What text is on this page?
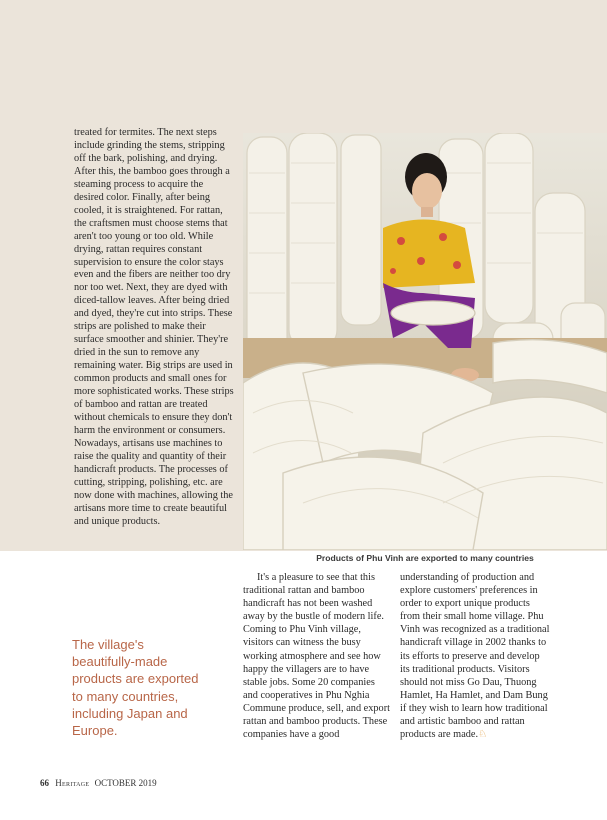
treated for termites. The next steps include grinding the stems, stripping off the bark, polishing, and drying. After this, the bamboo goes through a steaming process to acquire the desired color. Finally, after being cooled, it is straightened. For rattan, the craftsmen must choose stems that aren't too young or too old. While drying, rattan requires constant supervision to ensure the color stays even and the fibers are neither too dry nor too wet. Next, they are dyed with diced-tallow leaves. After being dried and dyed, they're cut into strips. These strips are polished to make their surface smoother and shinier. They're dried in the sun to remove any remaining water. Big strips are used in common products and small ones for more sophisticated works. These strips of bamboo and rattan are treated without chemicals to ensure they don't harm the environment or consumers. Nowadays, artisans use machines to raise the quality and quantity of their handicraft products. The processes of cutting, stripping, polishing, etc. are now done with machines, allowing the artisans more time to create beautiful and unique products.

Products of Phu Vinh are exported to many countries
The village's beautifully-made products are exported to many countries, including Japan and Europe.

It's a pleasure to see that this traditional rattan and bamboo handicraft has not been washed away by the bustle of modern life. Coming to Phu Vinh village, visitors can witness the busy working atmosphere and see how happy the villagers are to have stable jobs. Some 20 companies and cooperatives in Phu Nghia Commune produce, sell, and export rattan and bamboo products. These companies have a good

understanding of production and explore customers' preferences in order to export unique products from their small home village. Phu Vinh was recognized as a traditional handicraft village in 2002 thanks to its efforts to preserve and develop its traditional products. Visitors should not miss Go Dau, Thuong Hamlet, Ha Hamlet, and Dam Bung if they wish to learn how traditional and artistic bamboo and rattan products are made.♘

66 Heritage OCTOBER 2019
